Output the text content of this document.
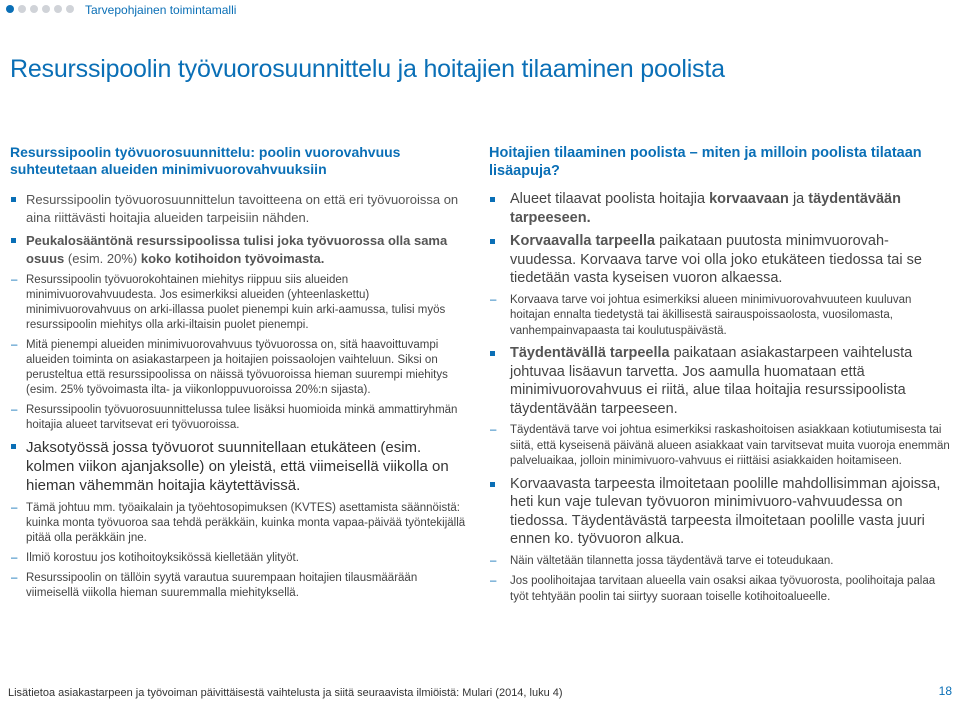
Tarvepohjainen toimintamalli
Resurssipoolin työvuorosuunnittelu ja hoitajien tilaaminen poolista
Resurssipoolin työvuorosuunnittelu: poolin vuorovahvuus suhteutetaan alueiden minimivuorovahvuuksiin
Resurssipoolin työvuorosuunnittelun tavoitteena on että eri työvuoroissa on aina riittävästi hoitajia alueiden tarpeisiin nähden.
Peukalosääntönä resurssipoolissa tulisi joka työvuorossa olla sama osuus (esim. 20%) koko kotihoidon työvoimasta.
– Resurssipoolin työvuorokohtainen miehitys riippuu siis alueiden minimivuorovahvuudesta. Jos esimerkiksi alueiden (yhteenlaskettu) minimivuorovahvuus on arki-illassa puolet pienempi kuin arki-aamussa, tulisi myös resurssipoolin miehitys olla arki-iltaisin puolet pienempi.
– Mitä pienempi alueiden minimivuorovahvuus työvuorossa on, sitä haavoittuvampi alueiden toiminta on asiakastarpeen ja hoitajien poissaolojen vaihteluun. Siksi on perusteltua että resurssipoolissa on näissä työvuoroissa hieman suurempi miehitys (esim. 25% työvoimasta ilta- ja viikonloppuvuoroissa 20%:n sijasta).
– Resurssipoolin työvuorosuunnittelussa tulee lisäksi huomioida minkä ammattiryhmän hoitajia alueet tarvitsevat eri työvuoroissa.
Jaksotyössä jossa työvuorot suunnitellaan etukäteen (esim. kolmen viikon ajanjaksolle) on yleistä, että viimeisellä viikolla on hieman vähemmän hoitajia käytettävissä.
– Tämä johtuu mm. työaikalain ja työehtosopimuksen (KVTES) asettamista säännöistä: kuinka monta työvuoroa saa tehdä peräkkäin, kuinka monta vapaa-päivää työntekijällä pitää olla peräkkäin jne.
– Ilmiö korostuu jos kotihoitoyksikössä kielletään ylityöt.
– Resurssipoolin on tällöin syytä varautua suurempaan hoitajien tilausmäärään viimeisellä viikolla hieman suuremmalla miehityksellä.
Hoitajien tilaaminen poolista – miten ja milloin poolista tilataan lisäapuja?
Alueet tilaavat poolista hoitajia korvaavaan ja täydentävään tarpeeseen.
Korvaavalla tarpeella paikataan puutosta minimvuorovah-vuudessa. Korvaava tarve voi olla joko etukäteen tiedossa tai se tiedetään vasta kyseisen vuoron alkaessa.
– Korvaava tarve voi johtua esimerkiksi alueen minimivuorovahvuuteen kuuluvan hoitajan ennalta tiedetystä tai äkillisestä sairauspoissaolosta, vuosilomasta, vanhempainvapaasta tai koulutuspäivästä.
Täydentävällä tarpeella paikataan asiakastarpeen vaihtelusta johtuvaa lisäavun tarvetta. Jos aamulla huomataan että minimivuorovahvuus ei riitä, alue tilaa hoitajia resurssipoolista täydentävään tarpeeseen.
– Täydentävä tarve voi johtua esimerkiksi raskashoitoisen asiakkaan kotiutumisesta tai siitä, että kyseisenä päivänä alueen asiakkaat vain tarvitsevat muita vuoroja enemmän palveluaikaa, jolloin minimivuoro-vahvuus ei riittäisi asiakkaiden hoitamiseen.
Korvaavasta tarpeesta ilmoitetaan poolille mahdollisimman ajoissa, heti kun vaje tulevan työvuoron minimivuoro-vahvuudessa on tiedossa. Täydentävästä tarpeesta ilmoitetaan poolille vasta juuri ennen ko. työvuoron alkua.
– Näin vältetään tilannetta jossa täydentävä tarve ei toteudukaan.
– Jos poolihoitajaa tarvitaan alueella vain osaksi aikaa työvuorosta, poolihoitaja palaa työt tehtyään poolin tai siirtyy suoraan toiselle kotihoitoalueelle.
Lisätietoa asiakastarpeen ja työvoiman päivittäisestä vaihtelusta ja siitä seuraavista ilmiöistä: Mulari (2014, luku 4)	18
